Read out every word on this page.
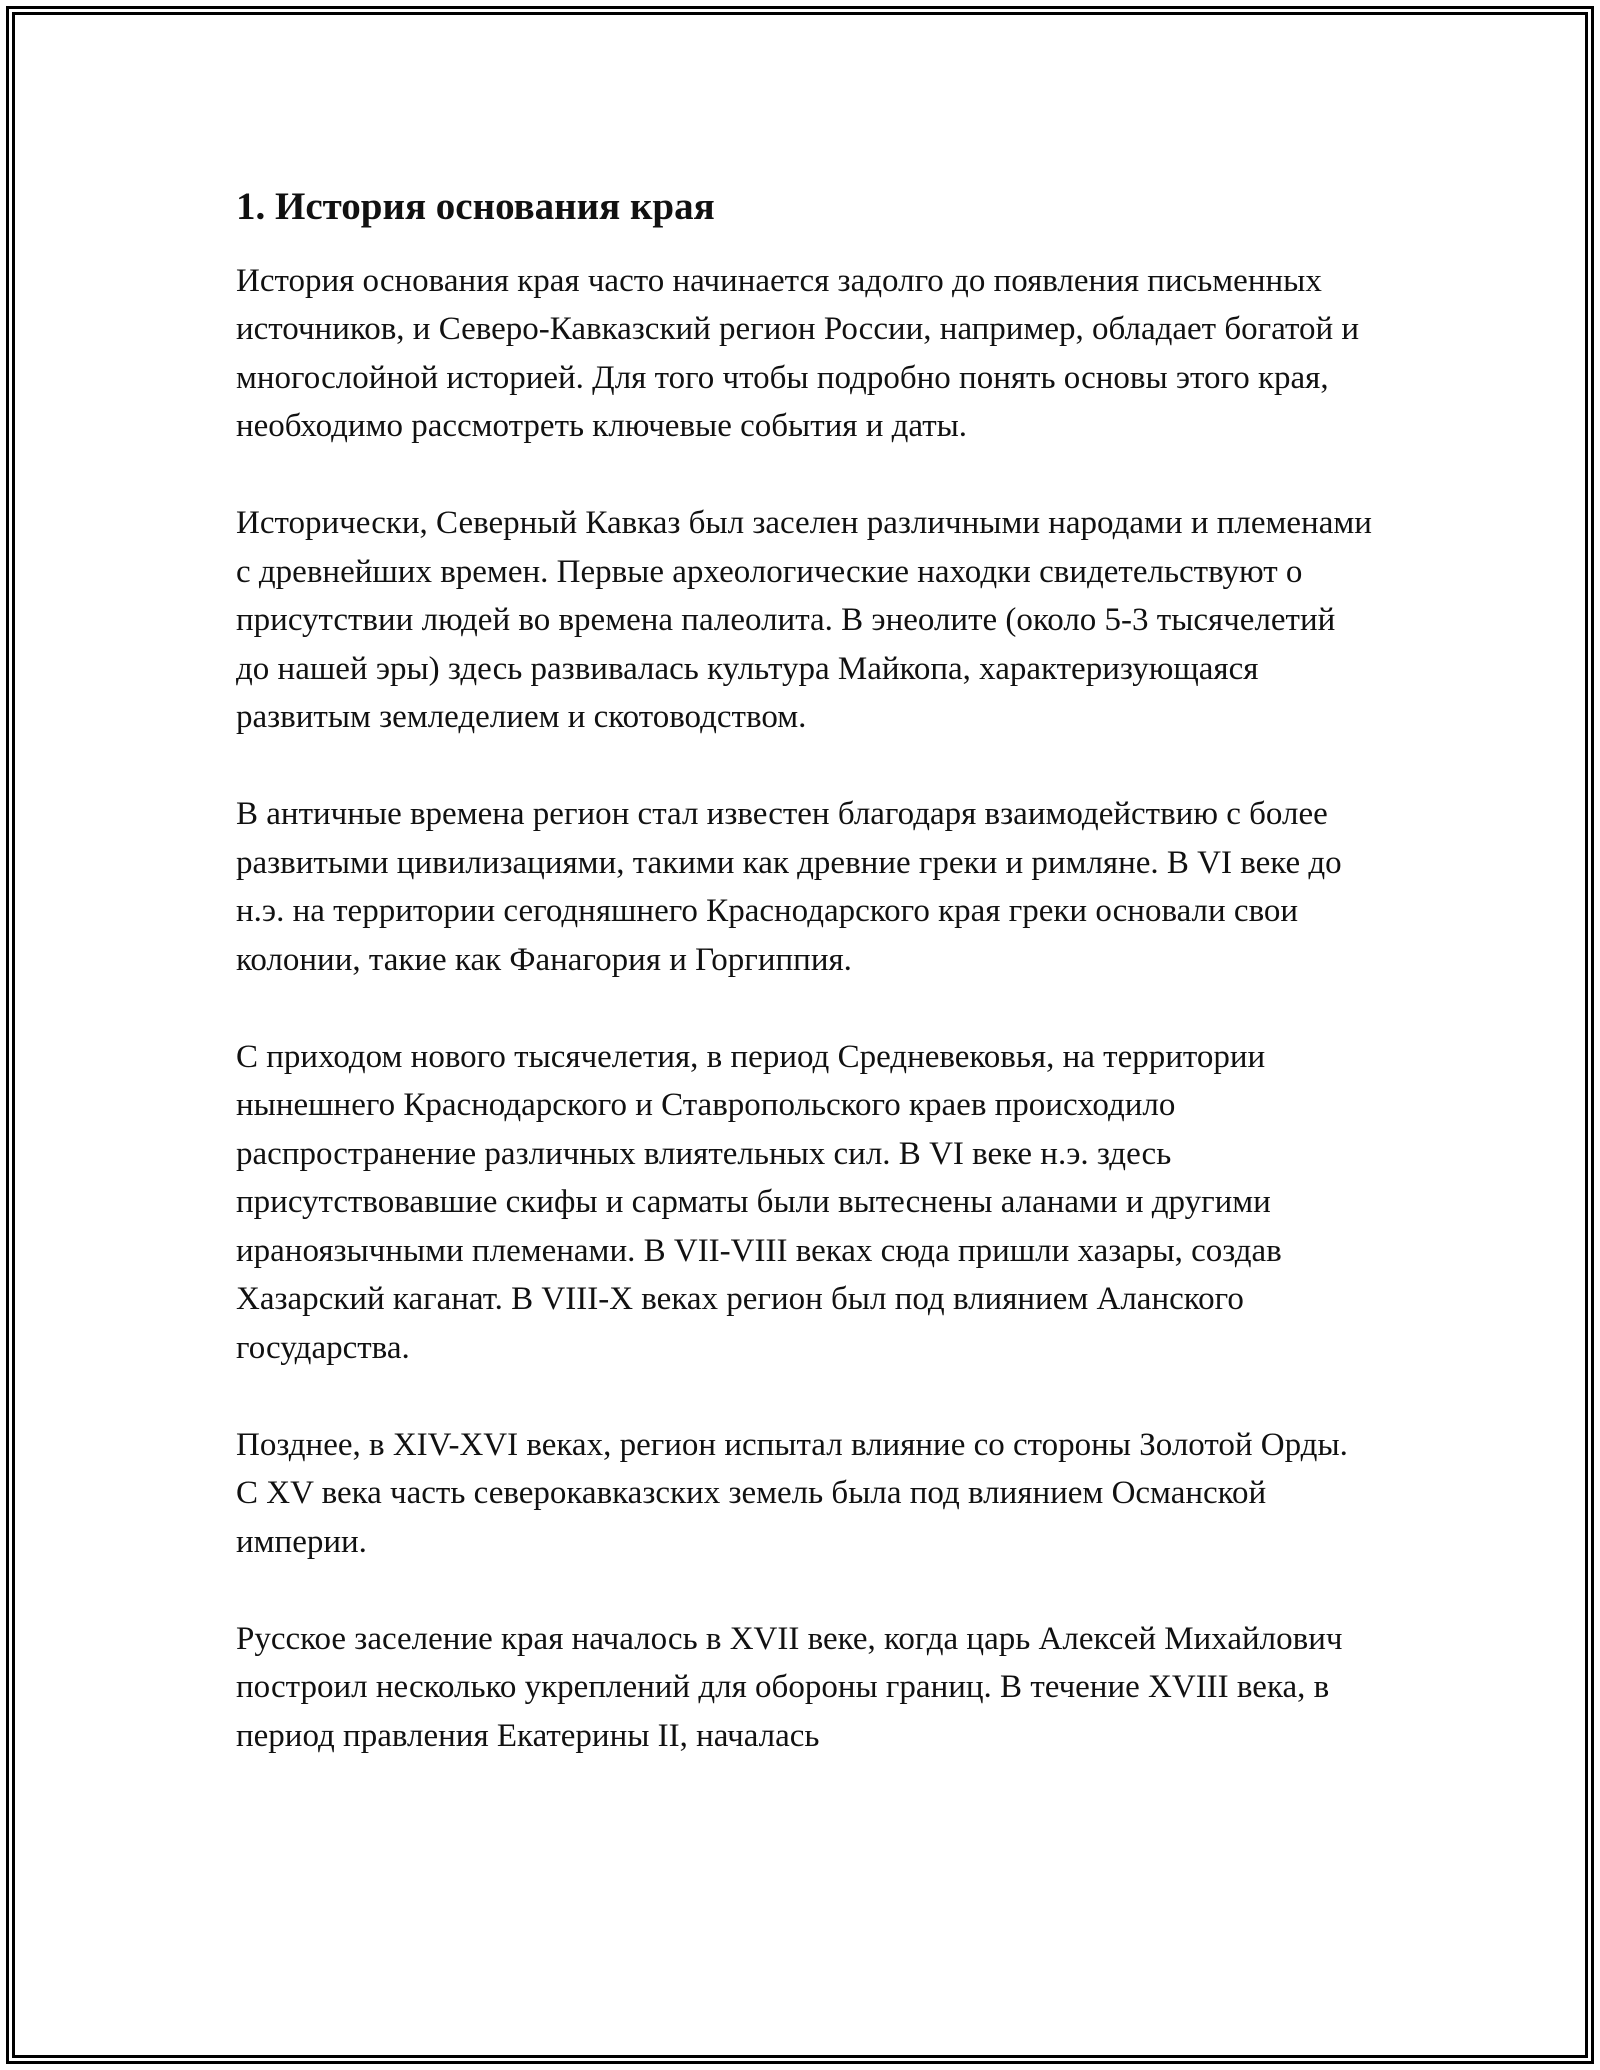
1. История основания края

История основания края часто начинается задолго до появления письменных источников, и Северо-Кавказский регион России, например, обладает богатой и многослойной историей. Для того чтобы подробно понять основы этого края, необходимо рассмотреть ключевые события и даты.

Исторически, Северный Кавказ был заселен различными народами и племенами с древнейших времен. Первые археологические находки свидетельствуют о присутствии людей во времена палеолита. В энеолите (около 5-3 тысячелетий до нашей эры) здесь развивалась культура Майкопа, характеризующаяся развитым земледелием и скотоводством.

В античные времена регион стал известен благодаря взаимодействию с более развитыми цивилизациями, такими как древние греки и римляне. В VI веке до н.э. на территории сегодняшнего Краснодарского края греки основали свои колонии, такие как Фанагория и Горгиппия.

С приходом нового тысячелетия, в период Средневековья, на территории нынешнего Краснодарского и Ставропольского краев происходило распространение различных влиятельных сил. В VI веке н.э. здесь присутствовавшие скифы и сарматы были вытеснены аланами и другими ираноязычными племенами. В VII-VIII веках сюда пришли хазары, создав Хазарский каганат. В VIII-X веках регион был под влиянием Аланского государства.

Позднее, в XIV-XVI веках, регион испытал влияние со стороны Золотой Орды. С XV века часть северокавказских земель была под влиянием Османской империи.

Русское заселение края началось в XVII веке, когда царь Алексей Михайлович построил несколько укреплений для обороны границ. В течение XVIII века, в период правления Екатерины II, началась
